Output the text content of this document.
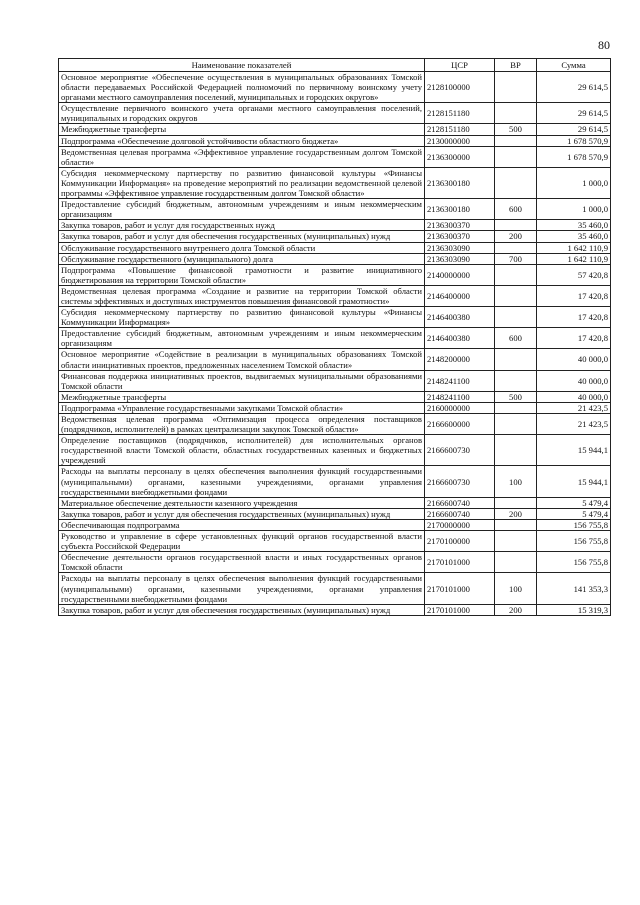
80
Наименование показателей	ЦСР	ВР	Сумма
Основное мероприятие «Обеспечение осуществления в муниципальных образованиях Томской области передаваемых Российской Федерацией полномочий по первичному воинскому учету органами местного самоуправления поселений, муниципальных и городских округов»	2128100000		29 614,5
Осуществление первичного воинского учета органами местного самоуправления поселений, муниципальных и городских округов	2128151180		29 614,5
Межбюджетные трансферты	2128151180	500	29 614,5
Подпрограмма «Обеспечение долговой устойчивости областного бюджета»	2130000000		1 678 570,9
Ведомственная целевая программа «Эффективное управление государственным долгом Томской области»	2136300000		1 678 570,9
Субсидия некоммерческому партнерству по развитию финансовой культуры «Финансы Коммуникации Информация» на проведение мероприятий по реализации ведомственной целевой программы «Эффективное управление государственным долгом Томской области»	2136300180		1 000,0
Предоставление субсидий бюджетным, автономным учреждениям и иным некоммерческим организациям	2136300180	600	1 000,0
Закупка товаров, работ и услуг для государственных нужд	2136300370		35 460,0
Закупка товаров, работ и услуг для обеспечения государственных (муниципальных) нужд	2136300370	200	35 460,0
Обслуживание государственного внутреннего долга Томской области	2136303090		1 642 110,9
Обслуживание государственного (муниципального) долга	2136303090	700	1 642 110,9
Подпрограмма «Повышение финансовой грамотности и развитие инициативного бюджетирования на территории Томской области»	2140000000		57 420,8
Ведомственная целевая программа «Создание и развитие на территории Томской области системы эффективных и доступных инструментов повышения финансовой грамотности»	2146400000		17 420,8
Субсидия некоммерческому партнерству по развитию финансовой культуры «Финансы Коммуникации Информация»	2146400380		17 420,8
Предоставление субсидий бюджетным, автономным учреждениям и иным некоммерческим организациям	2146400380	600	17 420,8
Основное мероприятие «Содействие в реализации в муниципальных образованиях Томской области инициативных проектов, предложенных населением Томской области»	2148200000		40 000,0
Финансовая поддержка инициативных проектов, выдвигаемых муниципальными образованиями Томской области	2148241100		40 000,0
Межбюджетные трансферты	2148241100	500	40 000,0
Подпрограмма «Управление государственными закупками Томской области»	2160000000		21 423,5
Ведомственная целевая программа «Оптимизация процесса определения поставщиков (подрядчиков, исполнителей) в рамках централизации закупок Томской области»	2166600000		21 423,5
Определение поставщиков (подрядчиков, исполнителей) для исполнительных органов государственной власти Томской области, областных государственных казенных и бюджетных учреждений	2166600730		15 944,1
Расходы на выплаты персоналу в целях обеспечения выполнения функций государственными (муниципальными) органами, казенными учреждениями, органами управления государственными внебюджетными фондами	2166600730	100	15 944,1
Материальное обеспечение деятельности казенного учреждения	2166600740		5 479,4
Закупка товаров, работ и услуг для обеспечения государственных (муниципальных) нужд	2166600740	200	5 479,4
Обеспечивающая подпрограмма	2170000000		156 755,8
Руководство и управление в сфере установленных функций органов государственной власти субъекта Российской Федерации	2170100000		156 755,8
Обеспечение деятельности органов государственной власти и иных государственных органов Томской области	2170101000		156 755,8
Расходы на выплаты персоналу в целях обеспечения выполнения функций государственными (муниципальными) органами, казенными учреждениями, органами управления государственными внебюджетными фондами	2170101000	100	141 353,3
Закупка товаров, работ и услуг для обеспечения государственных (муниципальных) нужд	2170101000	200	15 319,3
